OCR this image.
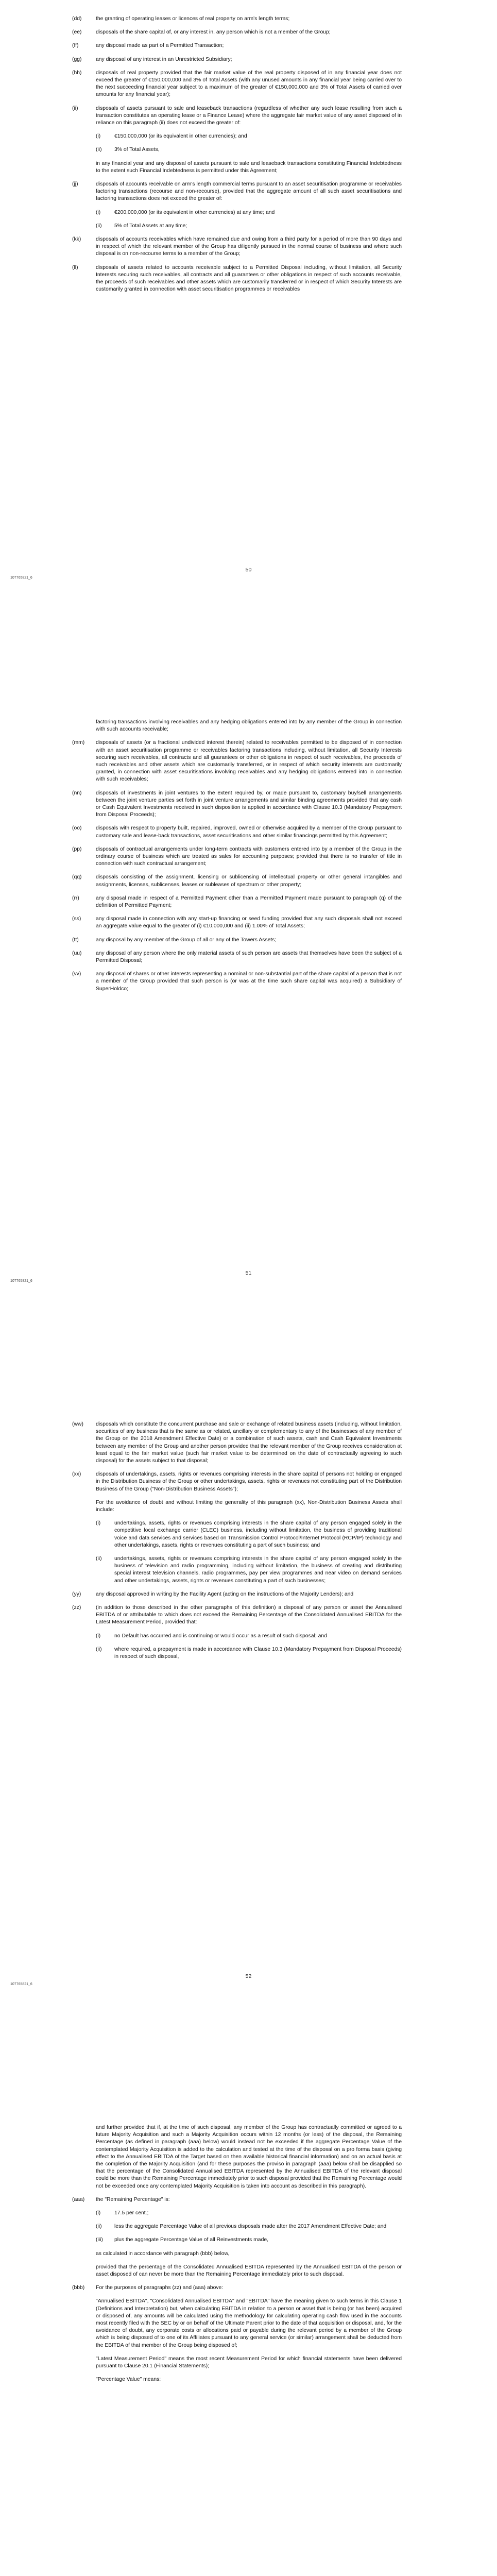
(dd)	the granting of operating leases or licences of real property on arm's length terms;
(ee)	disposals of the share capital of, or any interest in, any person which is not a member of the Group;
(ff)	any disposal made as part of a Permitted Transaction;
(gg)	any disposal of any interest in an Unrestricted Subsidiary;
(hh)	disposals of real property provided that the fair market value of the real property disposed of in any financial year does not exceed the greater of €150,000,000 and 3% of Total Assets (with any unused amounts in any financial year being carried over to the next succeeding financial year subject to a maximum of the greater of €150,000,000 and 3% of Total Assets of carried over amounts for any financial year);
(ii)	disposals of assets pursuant to sale and leaseback transactions (regardless of whether any such lease resulting from such a transaction constitutes an operating lease or a Finance Lease) where the aggregate fair market value of any asset disposed of in reliance on this paragraph (ii) does not exceed the greater of:
(i)	€150,000,000 (or its equivalent in other currencies); and
(ii)	3% of Total Assets,
in any financial year and any disposal of assets pursuant to sale and leaseback transactions constituting Financial Indebtedness to the extent such Financial Indebtedness is permitted under this Agreement;
(jj)	disposals of accounts receivable on arm's length commercial terms pursuant to an asset securitisation programme or receivables factoring transactions (recourse and non-recourse), provided that the aggregate amount of all such asset securitisations and factoring transactions does not exceed the greater of:
(i)	€200,000,000 (or its equivalent in other currencies) at any time; and
(ii)	5% of Total Assets at any time;
(kk)	disposals of accounts receivables which have remained due and owing from a third party for a period of more than 90 days and in respect of which the relevant member of the Group has diligently pursued in the normal course of business and where such disposal is on non-recourse terms to a member of the Group;
(ll)	disposals of assets related to accounts receivable subject to a Permitted Disposal including, without limitation, all Security Interests securing such receivables, all contracts and all guarantees or other obligations in respect of such accounts receivable, the proceeds of such receivables and other assets which are customarily transferred or in respect of which Security Interests are customarily granted in connection with asset securitisation programmes or receivables
50
107765821_6
factoring transactions involving receivables and any hedging obligations entered into by any member of the Group in connection with such accounts receivable;
(mm)	disposals of assets (or a fractional undivided interest therein) related to receivables permitted to be disposed of in connection with an asset securitisation programme or receivables factoring transactions including, without limitation, all Security Interests securing such receivables, all contracts and all guarantees or other obligations in respect of such receivables, the proceeds of such receivables and other assets which are customarily transferred, or in respect of which security interests are customarily granted, in connection with asset securitisations involving receivables and any hedging obligations entered into in connection with such receivables;
(nn)	disposals of investments in joint ventures to the extent required by, or made pursuant to, customary buy/sell arrangements between the joint venture parties set forth in joint venture arrangements and similar binding agreements provided that any cash or Cash Equivalent Investments received in such disposition is applied in accordance with Clause 10.3 (Mandatory Prepayment from Disposal Proceeds);
(oo)	disposals with respect to property built, repaired, improved, owned or otherwise acquired by a member of the Group pursuant to customary sale and lease-back transactions, asset securitisations and other similar financings permitted by this Agreement;
(pp)	disposals of contractual arrangements under long-term contracts with customers entered into by a member of the Group in the ordinary course of business which are treated as sales for accounting purposes; provided that there is no transfer of title in connection with such contractual arrangement;
(qq)	disposals consisting of the assignment, licensing or sublicensing of intellectual property or other general intangibles and assignments, licenses, sublicenses, leases or subleases of spectrum or other property;
(rr)	any disposal made in respect of a Permitted Payment other than a Permitted Payment made pursuant to paragraph (q) of the definition of Permitted Payment;
(ss)	any disposal made in connection with any start-up financing or seed funding provided that any such disposals shall not exceed an aggregate value equal to the greater of (i) €10,000,000 and (ii) 1.00% of Total Assets;
(tt)	any disposal by any member of the Group of all or any of the Towers Assets;
(uu)	any disposal of any person where the only material assets of such person are assets that themselves have been the subject of a Permitted Disposal;
(vv)	any disposal of shares or other interests representing a nominal or non-substantial part of the share capital of a person that is not a member of the Group provided that such person is (or was at the time such share capital was acquired) a Subsidiary of SuperHoldco;
51
107765821_6
(ww)	disposals which constitute the concurrent purchase and sale or exchange of related business assets (including, without limitation, securities of any business that is the same as or related, ancillary or complementary to any of the businesses of any member of the Group on the 2018 Amendment Effective Date) or a combination of such assets, cash and Cash Equivalent Investments between any member of the Group and another person provided that the relevant member of the Group receives consideration at least equal to the fair market value (such fair market value to be determined on the date of contractually agreeing to such disposal) for the assets subject to that disposal;
(xx)	disposals of undertakings, assets, rights or revenues comprising interests in the share capital of persons not holding or engaged in the Distribution Business of the Group or other undertakings, assets, rights or revenues not constituting part of the Distribution Business of the Group ("Non-Distribution Business Assets");
For the avoidance of doubt and without limiting the generality of this paragraph (xx), Non-Distribution Business Assets shall include:
(i)	undertakings, assets, rights or revenues comprising interests in the share capital of any person engaged solely in the competitive local exchange carrier (CLEC) business, including without limitation, the business of providing traditional voice and data services and services based on Transmission Control Protocol/Internet Protocol (RCP/IP) technology and other undertakings, assets, rights or revenues constituting a part of such business; and
(ii)	undertakings, assets, rights or revenues comprising interests in the share capital of any person engaged solely in the business of television and radio programming, including without limitation, the business of creating and distributing special interest television channels, radio programmes, pay per view programmes and near video on demand services and other undertakings, assets, rights or revenues constituting a part of such businesses;
(yy)	any disposal approved in writing by the Facility Agent (acting on the instructions of the Majority Lenders); and
(zz)	(in addition to those described in the other paragraphs of this definition) a disposal of any person or asset the Annualised EBITDA of or attributable to which does not exceed the Remaining Percentage of the Consolidated Annualised EBITDA for the Latest Measurement Period, provided that:
(i)	no Default has occurred and is continuing or would occur as a result of such disposal; and
(ii)	where required, a prepayment is made in accordance with Clause 10.3 (Mandatory Prepayment from Disposal Proceeds) in respect of such disposal,
52
107765821_6
and further provided that if, at the time of such disposal, any member of the Group has contractually committed or agreed to a future Majority Acquisition and such a Majority Acquisition occurs within 12 months (or less) of the disposal, the Remaining Percentage (as defined in paragraph (aaa) below) would instead not be exceeded if the aggregate Percentage Value of the contemplated Majority Acquisition is added to the calculation and tested at the time of the disposal on a pro forma basis (giving effect to the Annualised EBITDA of the Target based on then available historical financial information) and on an actual basis at the completion of the Majority Acquisition (and for these purposes the proviso in paragraph (aaa) below shall be disapplied so that the percentage of the Consolidated Annualised EBITDA represented by the Annualised EBITDA of the relevant disposal could be more than the Remaining Percentage immediately prior to such disposal provided that the Remaining Percentage would not be exceeded once any contemplated Majority Acquisition is taken into account as described in this paragraph).
(aaa)	the "Remaining Percentage" is:
(i)	17.5 per cent.;
(ii)	less the aggregate Percentage Value of all previous disposals made after the 2017 Amendment Effective Date; and
(iii)	plus the aggregate Percentage Value of all Reinvestments made,
as calculated in accordance with paragraph (bbb) below,
provided that the percentage of the Consolidated Annualised EBITDA represented by the Annualised EBITDA of the person or asset disposed of can never be more than the Remaining Percentage immediately prior to such disposal.
(bbb)	For the purposes of paragraphs (zz) and (aaa) above:
"Annualised EBITDA", "Consolidated Annualised EBITDA" and "EBITDA" have the meaning given to such terms in this Clause 1 (Definitions and Interpretation) but, when calculating EBITDA in relation to a person or asset that is being (or has been) acquired or disposed of, any amounts will be calculated using the methodology for calculating operating cash flow used in the accounts most recently filed with the SEC by or on behalf of the Ultimate Parent prior to the date of that acquisition or disposal, and, for the avoidance of doubt, any corporate costs or allocations paid or payable during the relevant period by a member of the Group which is being disposed of to one of its Affiliates pursuant to any general service (or similar) arrangement shall be deducted from the EBITDA of that member of the Group being disposed of;
"Latest Measurement Period" means the most recent Measurement Period for which financial statements have been delivered pursuant to Clause 20.1 (Financial Statements);
"Percentage Value" means:
